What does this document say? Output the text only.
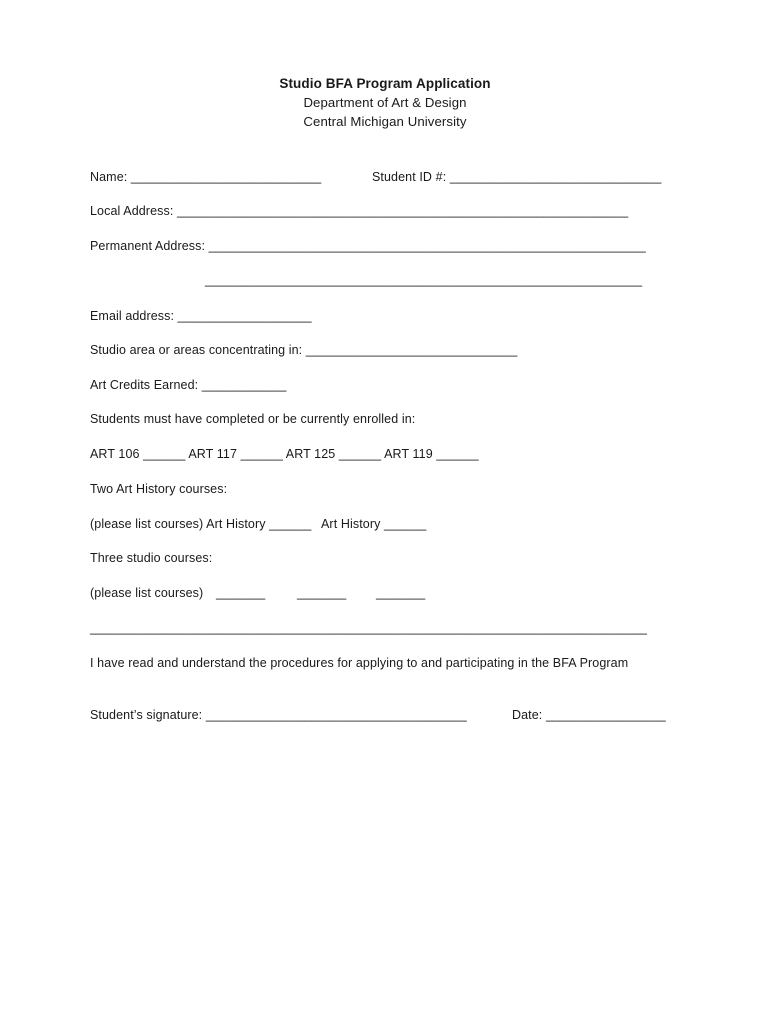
Studio BFA Program Application
Department of Art & Design
Central Michigan University
Name: ___________________________	Student ID #: ______________________________
Local Address: ________________________________________________________________
Permanent Address: ______________________________________________________________
______________________________________________________________
Email address: ___________________
Studio area or areas concentrating in: ______________________________
Art Credits Earned: ____________
Students must have completed or be currently enrolled in:
ART 106 ______ ART 117 ______ ART 125 ______ ART 119 ______
Two Art History courses:
(please list courses) Art History ______ Art History ______
Three studio courses:
(please list courses) _______	_______ _______
_______________________________________________________________________________
I have read and understand the procedures for applying to and participating in the BFA Program
Student’s signature: _____________________________________	Date: _________________
